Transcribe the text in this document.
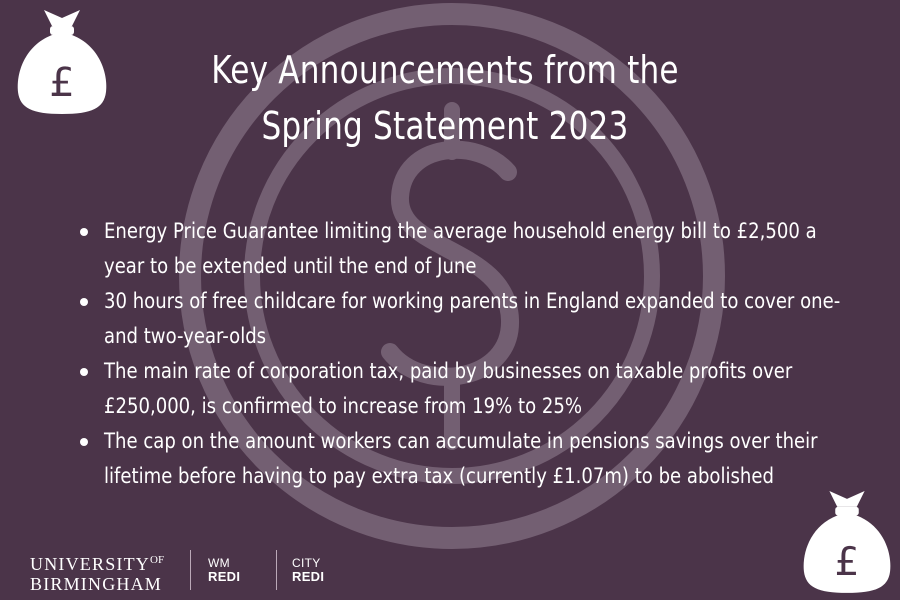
£	Key Announcements from the
Spring Statement 2023
Energy Price Guarantee limiting the average household energy bill to £2,500 a year to be extended until the end of June
30 hours of free childcare for working parents in England expanded to cover one- and two-year-olds
The main rate of corporation tax, paid by businesses on taxable profits over £250,000, is confirmed to increase from 19% to 25%
The cap on the amount workers can accumulate in pensions savings over their lifetime before having to pay extra tax (currently £1.07m) to be abolished
$UNIVERSITY^{OF}$
BIRMINGHAM
WM
REDI
CITY
REDI	£
